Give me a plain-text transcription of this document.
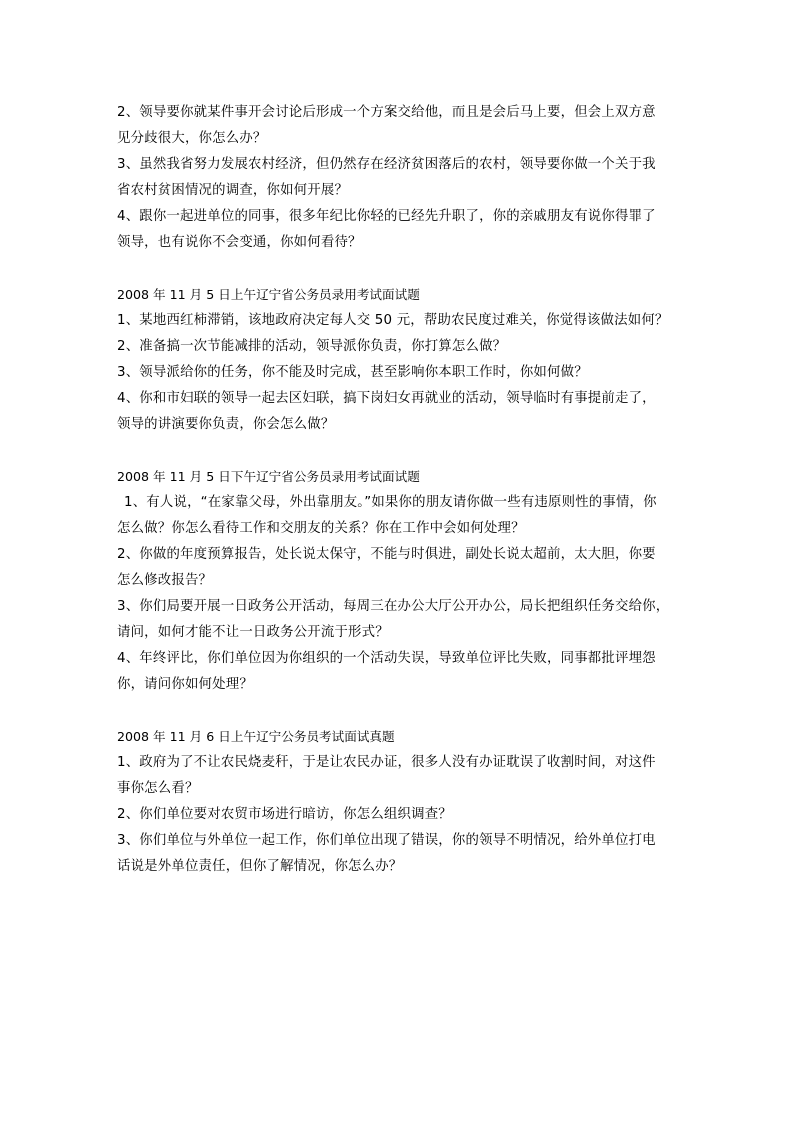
2、领导要你就某件事开会讨论后形成一个方案交给他，而且是会后马上要，但会上双方意
见分歧很大，你怎么办？
3、虽然我省努力发展农村经济，但仍然存在经济贫困落后的农村，领导要你做一个关于我
省农村贫困情况的调查，你如何开展？
4、跟你一起进单位的同事，很多年纪比你轻的已经先升职了，你的亲戚朋友有说你得罪了
领导，也有说你不会变通，你如何看待？
2008 年 11 月 5 日上午辽宁省公务员录用考试面试题
1、某地西红柿滞销，该地政府决定每人交 50 元，帮助农民度过难关，你觉得该做法如何？
2、准备搞一次节能减排的活动，领导派你负责，你打算怎么做？
3、领导派给你的任务，你不能及时完成，甚至影响你本职工作时，你如何做？
4、你和市妇联的领导一起去区妇联，搞下岗妇女再就业的活动，领导临时有事提前走了，
领导的讲演要你负责，你会怎么做？
2008 年 11 月 5 日下午辽宁省公务员录用考试面试题
1、有人说，“在家靠父母，外出靠朋友。”如果你的朋友请你做一些有违原则性的事情，你
怎么做？你怎么看待工作和交朋友的关系？你在工作中会如何处理？
2、你做的年度预算报告，处长说太保守，不能与时俱进，副处长说太超前，太大胆，你要
怎么修改报告？
3、你们局要开展一日政务公开活动，每周三在办公大厅公开办公，局长把组织任务交给你，
请问，如何才能不让一日政务公开流于形式？
4、年终评比，你们单位因为你组织的一个活动失误，导致单位评比失败，同事都批评埋怨
你，请问你如何处理？
2008 年 11 月 6 日上午辽宁公务员考试面试真题
1、政府为了不让农民烧麦秆，于是让农民办证，很多人没有办证耽误了收割时间，对这件
事你怎么看？
2、你们单位要对农贸市场进行暗访，你怎么组织调查？
3、你们单位与外单位一起工作，你们单位出现了错误，你的领导不明情况，给外单位打电
话说是外单位责任，但你了解情况，你怎么办？
